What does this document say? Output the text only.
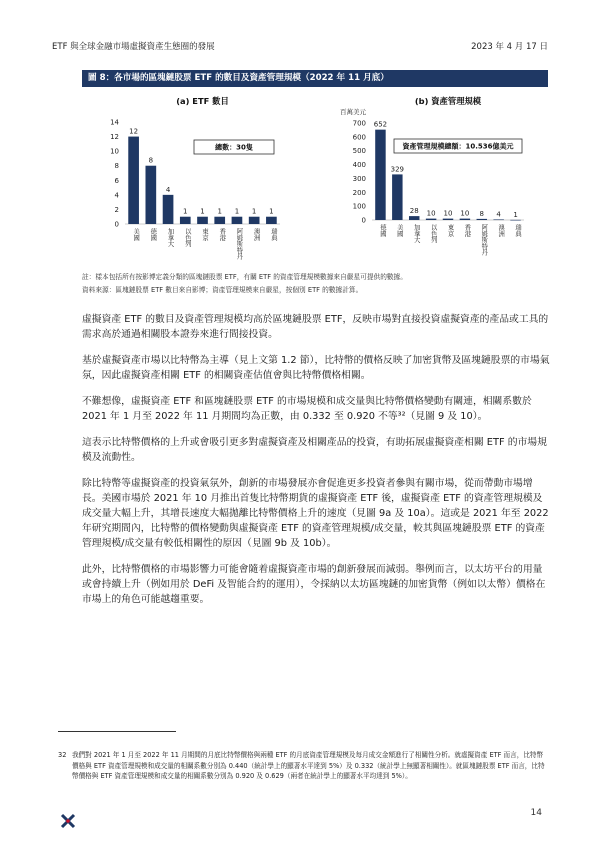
ETF 與全球金融市場虛擬資產生態圈的發展	2023 年 4 月 17 日
圖 8：各市場的區塊鏈股票 ETF 的數目及資產管理規模（2022 年 11 月底）
(a) ETF 數目
0
2
4
6
8
10
12
14
12
美國
8
德國
4
加拿大
1
以色列
1
東京
1
香港
1
阿姆斯特丹
1
澳洲
1
瑞典
總數：30隻
(b) 資產管理規模
百萬美元
0
100
200
300
400
500
600
700 652
德國
329
美國
28
加拿大
10
以色列
10
東京
10
香港
8
阿姆斯特丹
4
澳洲
1
瑞典
資產管理規模總額：10.536億美元
註：樣本包括所有按影博定義分類的區塊鏈股票 ETF，有關 ETF 的資產管理規模數據來自嚴星可提供的數據。
資料來源：區塊鏈股票 ETF 數目來自影博；資產管理規模來自嚴星，按個別 ETF 的數據計算。

虛擬資產 ETF 的數目及資產管理規模均高於區塊鏈股票 ETF，反映市場對直接投資虛擬資產的產品或工具的需求高於通過相關股本證券來進行間接投資。

基於虛擬資產市場以比特幣為主導（見上文第 1.2 節），比特幣的價格反映了加密貨幣及區塊鏈股票的市場氣氛，因此虛擬資產相關 ETF 的相關資產估值會與比特幣價格相關。

不難想像，虛擬資產 ETF 和區塊鏈股票 ETF 的市場規模和成交量與比特幣價格變動有關連，相關系數於 2021 年 1 月至 2022 年 11 月期間均為正數，由 0.332 至 0.920 不等³²（見圖 9 及 10）。

這表示比特幣價格的上升或會吸引更多對虛擬資產及相關產品的投資，有助拓展虛擬資產相關 ETF 的市場規模及流動性。

除比特幣等虛擬資產的投資氣氛外，創新的市場發展亦會促進更多投資者參與有關市場，從而帶動市場增長。美國市場於 2021 年 10 月推出首隻比特幣期貨的虛擬資產 ETF 後，虛擬資產 ETF 的資產管理規模及成交量大幅上升，其增長速度大幅拋離比特幣價格上升的速度（見圖 9a 及 10a）。這或是 2021 年至 2022 年研究期間內，比特幣的價格變動與虛擬資產 ETF 的資產管理規模/成交量，較其與區塊鏈股票 ETF 的資產管理規模/成交量有較低相關性的原因（見圖 9b 及 10b）。

此外，比特幣價格的市場影響力可能會隨着虛擬資產市場的創新發展而減弱。舉例而言，以太坊平台的用量或會持續上升（例如用於 DeFi 及智能合約的運用），令採納以太坊區塊鏈的加密貨幣（例如以太幣）價格在市場上的角色可能越趨重要。

32 我們對 2021 年 1 月至 2022 年 11 月期間的月底比特幣價格與兩種 ETF 的月底資產管理規模及每月成交金額進行了相關性分析。就虛擬資產 ETF 而言，比特幣價格與 ETF 資產管理規模和成交量的相關系數分別為 0.440（統計學上的顯著水平達到 5%）及 0.332（統計學上無顯著相關性）。就區塊鏈股票 ETF 而言，比特幣價格與 ETF 資產管理規模和成交量的相關系數分別為 0.920 及 0.629（兩者在統計學上的顯著水平均達到 5%）。
14
